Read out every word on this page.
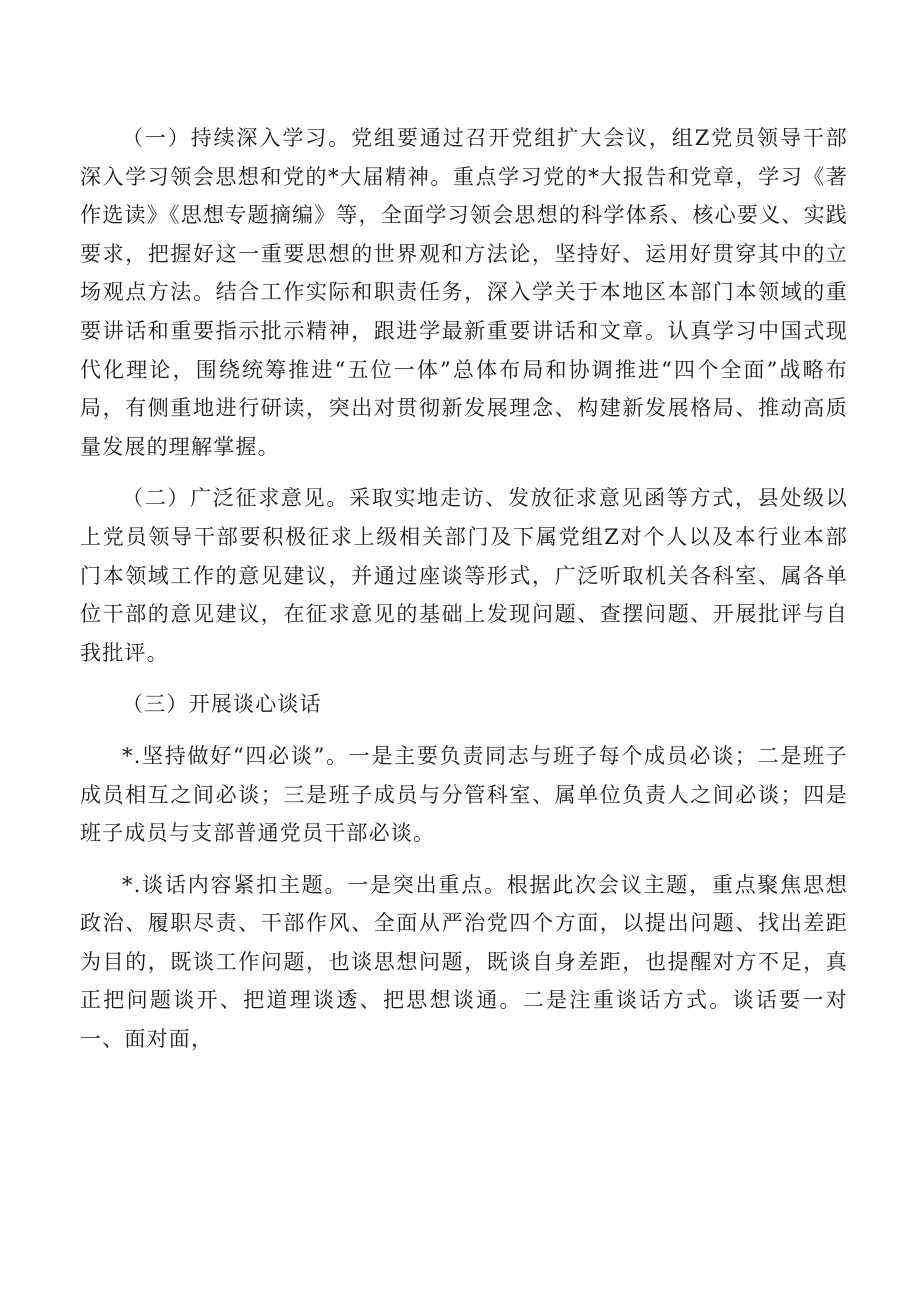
（一）持续深入学习。党组要通过召开党组扩大会议，组Z党员领导干部深入学习领会思想和党的*大届精神。重点学习党的*大报告和党章，学习《著作选读》《思想专题摘编》等，全面学习领会思想的科学体系、核心要义、实践要求，把握好这一重要思想的世界观和方法论，坚持好、运用好贯穿其中的立场观点方法。结合工作实际和职责任务，深入学关于本地区本部门本领域的重要讲话和重要指示批示精神，跟进学最新重要讲话和文章。认真学习中国式现代化理论，围绕统筹推进“五位一体”总体布局和协调推进“四个全面”战略布局，有侧重地进行研读，突出对贯彻新发展理念、构建新发展格局、推动高质量发展的理解掌握。

（二）广泛征求意见。采取实地走访、发放征求意见函等方式，县处级以上党员领导干部要积极征求上级相关部门及下属党组Z对个人以及本行业本部门本领域工作的意见建议，并通过座谈等形式，广泛听取机关各科室、属各单位干部的意见建议，在征求意见的基础上发现问题、查摆问题、开展批评与自我批评。

（三）开展谈心谈话

*.坚持做好“四必谈”。一是主要负责同志与班子每个成员必谈；二是班子成员相互之间必谈；三是班子成员与分管科室、属单位负责人之间必谈；四是班子成员与支部普通党员干部必谈。

*.谈话内容紧扣主题。一是突出重点。根据此次会议主题，重点聚焦思想政治、履职尽责、干部作风、全面从严治党四个方面，以提出问题、找出差距为目的，既谈工作问题，也谈思想问题，既谈自身差距，也提醒对方不足，真正把问题谈开、把道理谈透、把思想谈通。二是注重谈话方式。谈话要一对一、面对面，
